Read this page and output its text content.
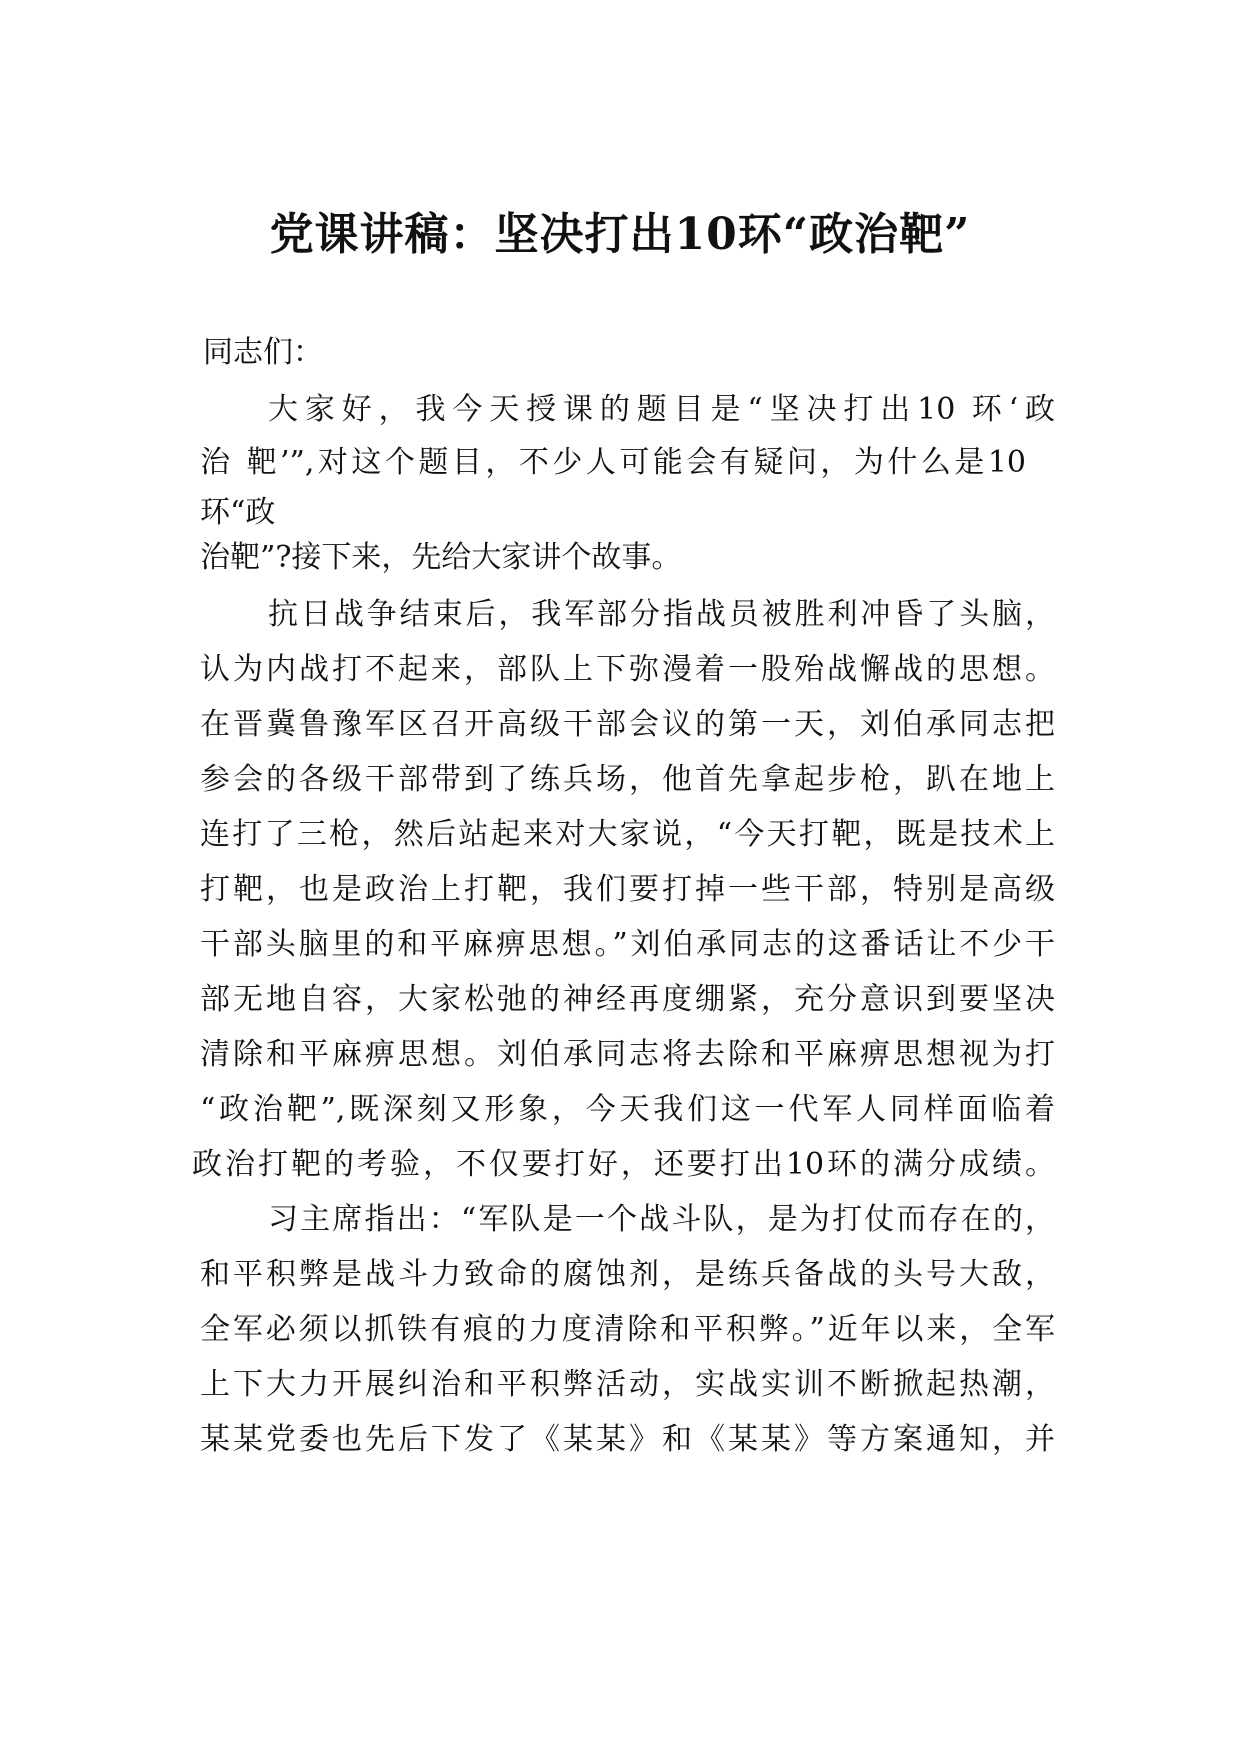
党课讲稿：坚决打出10环“政治靶”

同志们：

大家好，我今天授课的题目是“坚决打出10 环‘政

治 靶’”,对这个题目，不少人可能会有疑问，为什么是10

环“政

治靶”?接下来，先给大家讲个故事。

抗日战争结束后，我军部分指战员被胜利冲昏了头脑，

认为内战打不起来，部队上下弥漫着一股殆战懈战的思想。

在晋冀鲁豫军区召开高级干部会议的第一天，刘伯承同志把

参会的各级干部带到了练兵场，他首先拿起步枪，趴在地上

连打了三枪，然后站起来对大家说，“今天打靶，既是技术上

打靶，也是政治上打靶，我们要打掉一些干部，特别是高级

干部头脑里的和平麻痹思想。”刘伯承同志的这番话让不少干

部无地自容，大家松弛的神经再度绷紧，充分意识到要坚决

清除和平麻痹思想。刘伯承同志将去除和平麻痹思想视为打

“政治靶”,既深刻又形象，今天我们这一代军人同样面临着

政治打靶的考验，不仅要打好，还要打出10环的满分成绩。

习主席指出：“军队是一个战斗队，是为打仗而存在的，

和平积弊是战斗力致命的腐蚀剂，是练兵备战的头号大敌，

全军必须以抓铁有痕的力度清除和平积弊。”近年以来，全军

上下大力开展纠治和平积弊活动，实战实训不断掀起热潮，

某某党委也先后下发了《某某》和《某某》等方案通知，并
